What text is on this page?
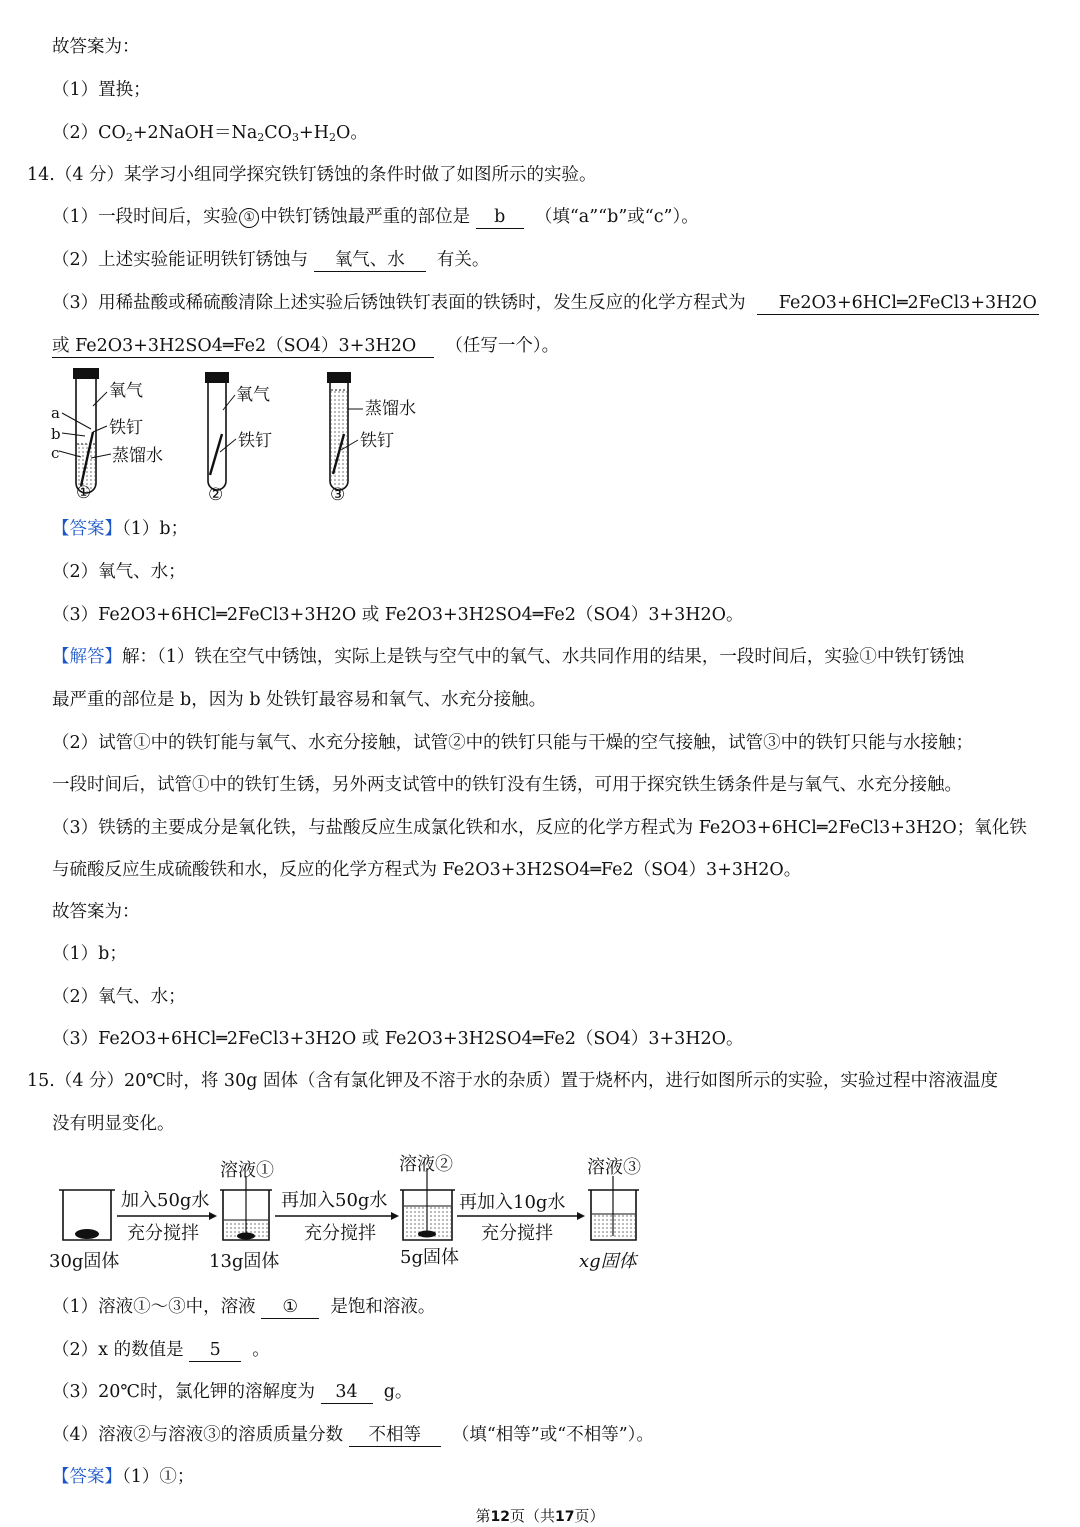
故答案为：
（1）置换；
$(2)CO_2+2NaOH=Na_2CO_3+H_2O$。
14.（4 分）某学习小组同学探究铁钉锈蚀的条件时做了如图所示的实验。
（1）一段时间后，实验 ① 中铁钉锈蚀最严重的部位是 b （填“a”“b”或“c”）。
（2）上述实验能证明铁钉锈蚀与 氧气、水 有关。
（3）用稀盐酸或稀硫酸清除上述实验后锈蚀铁钉表面的铁锈时，发生反应的化学方程式为 Fe2O3+6HCl═2FeCl3+3H2O
或 Fe2O3+3H2SO4═Fe2（SO4）3+3H2O （任写一个）。
氧气
a
b
c
铁钉
蒸馏水
氧气
铁钉
蒸馏水
铁钉
①	②	③
【答案】（1）b；
（2）氧气、水；
（3）Fe2O3+6HCl═2FeCl3+3H2O 或 Fe2O3+3H2SO4═Fe2（SO4）3+3H2O。
【解答】解：（1）铁在空气中锈蚀，实际上是铁与空气中的氧气、水共同作用的结果，一段时间后，实验①中铁钉锈蚀
最严重的部位是 b，因为 b 处铁钉最容易和氧气、水充分接触。
（2）试管①中的铁钉能与氧气、水充分接触，试管②中的铁钉只能与干燥的空气接触，试管③中的铁钉只能与水接触；
一段时间后，试管①中的铁钉生锈，另外两支试管中的铁钉没有生锈，可用于探究铁生锈条件是与氧气、水充分接触。
（3）铁锈的主要成分是氧化铁，与盐酸反应生成氯化铁和水，反应的化学方程式为 Fe2O3+6HCl═2FeCl3+3H2O；氧化铁
与硫酸反应生成硫酸铁和水，反应的化学方程式为 Fe2O3+3H2SO4═Fe2（SO4）3+3H2O。
故答案为：
（1）b；
（2）氧气、水；
（3）Fe2O3+6HCl═2FeCl3+3H2O 或 Fe2O3+3H2SO4═Fe2（SO4）3+3H2O。
15.（4 分）20℃时，将 30g 固体（含有氯化钾及不溶于水的杂质）置于烧杯内，进行如图所示的实验，实验过程中溶液温度
没有明显变化。
溶液①	溶液②	溶液③
加入50g水
充分搅拌
再加入50g水
充分搅拌
再加入10g水
充分搅拌
30g固体	13g固体	5g固体	xg固体
（1）溶液①～③中，溶液 ① 是饱和溶液。
（2）x 的数值是 5 。
（3）20℃时，氯化钾的溶解度为 34 g。
（4）溶液②与溶液③的溶质质量分数 不相等 （填“相等”或“不相等”）。
【答案】（1）①；
第12页（共17页）
